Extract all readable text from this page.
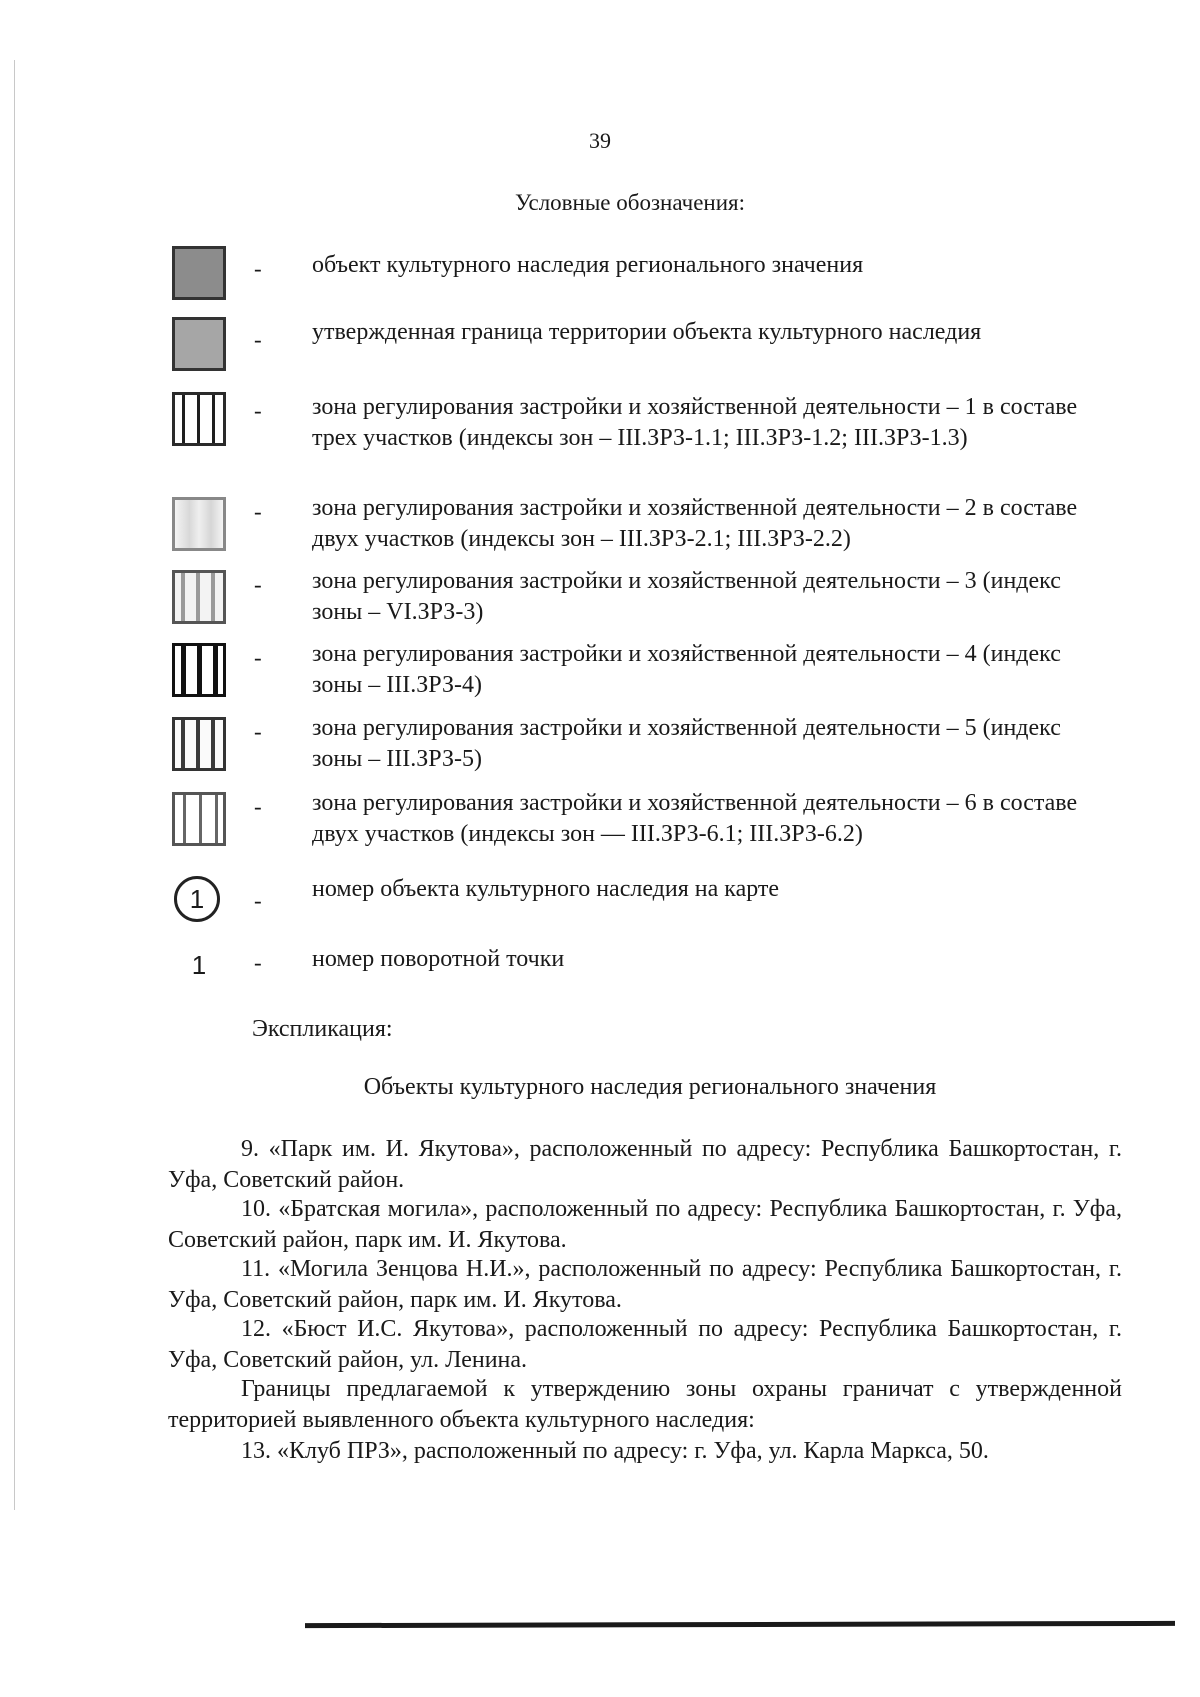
39
Условные обозначения:
- объект культурного наследия регионального значения
- утвержденная граница территории объекта культурного наследия
- зона регулирования застройки и хозяйственной деятельности – 1 в составе трех участков (индексы зон – III.ЗРЗ-1.1; III.ЗРЗ-1.2; III.ЗРЗ-1.3)
- зона регулирования застройки и хозяйственной деятельности – 2 в составе двух участков (индексы зон – III.ЗРЗ-2.1; III.ЗРЗ-2.2)
- зона регулирования застройки и хозяйственной деятельности – 3 (индекс зоны – VI.ЗРЗ-3)
- зона регулирования застройки и хозяйственной деятельности – 4 (индекс зоны – III.ЗРЗ-4)
- зона регулирования застройки и хозяйственной деятельности – 5 (индекс зоны – III.ЗРЗ-5)
- зона регулирования застройки и хозяйственной деятельности – 6 в составе двух участков (индексы зон — III.ЗРЗ-6.1; III.ЗРЗ-6.2)
1	- номер объекта культурного наследия на карте
1	- номер поворотной точки
Экспликация:
Объекты культурного наследия регионального значения
9. «Парк им. И. Якутова», расположенный по адресу: Республика Башкортостан, г. Уфа, Советский район.
10. «Братская могила», расположенный по адресу: Республика Башкортостан, г. Уфа, Советский район, парк им. И. Якутова.
11. «Могила Зенцова Н.И.», расположенный по адресу: Республика Башкортостан, г. Уфа, Советский район, парк им. И. Якутова.
12. «Бюст И.С. Якутова», расположенный по адресу: Республика Башкортостан, г. Уфа, Советский район, ул. Ленина.
Границы предлагаемой к утверждению зоны охраны граничат с утвержденной территорией выявленного объекта культурного наследия:
13. «Клуб ПРЗ», расположенный по адресу: г. Уфа, ул. Карла Маркса, 50.
